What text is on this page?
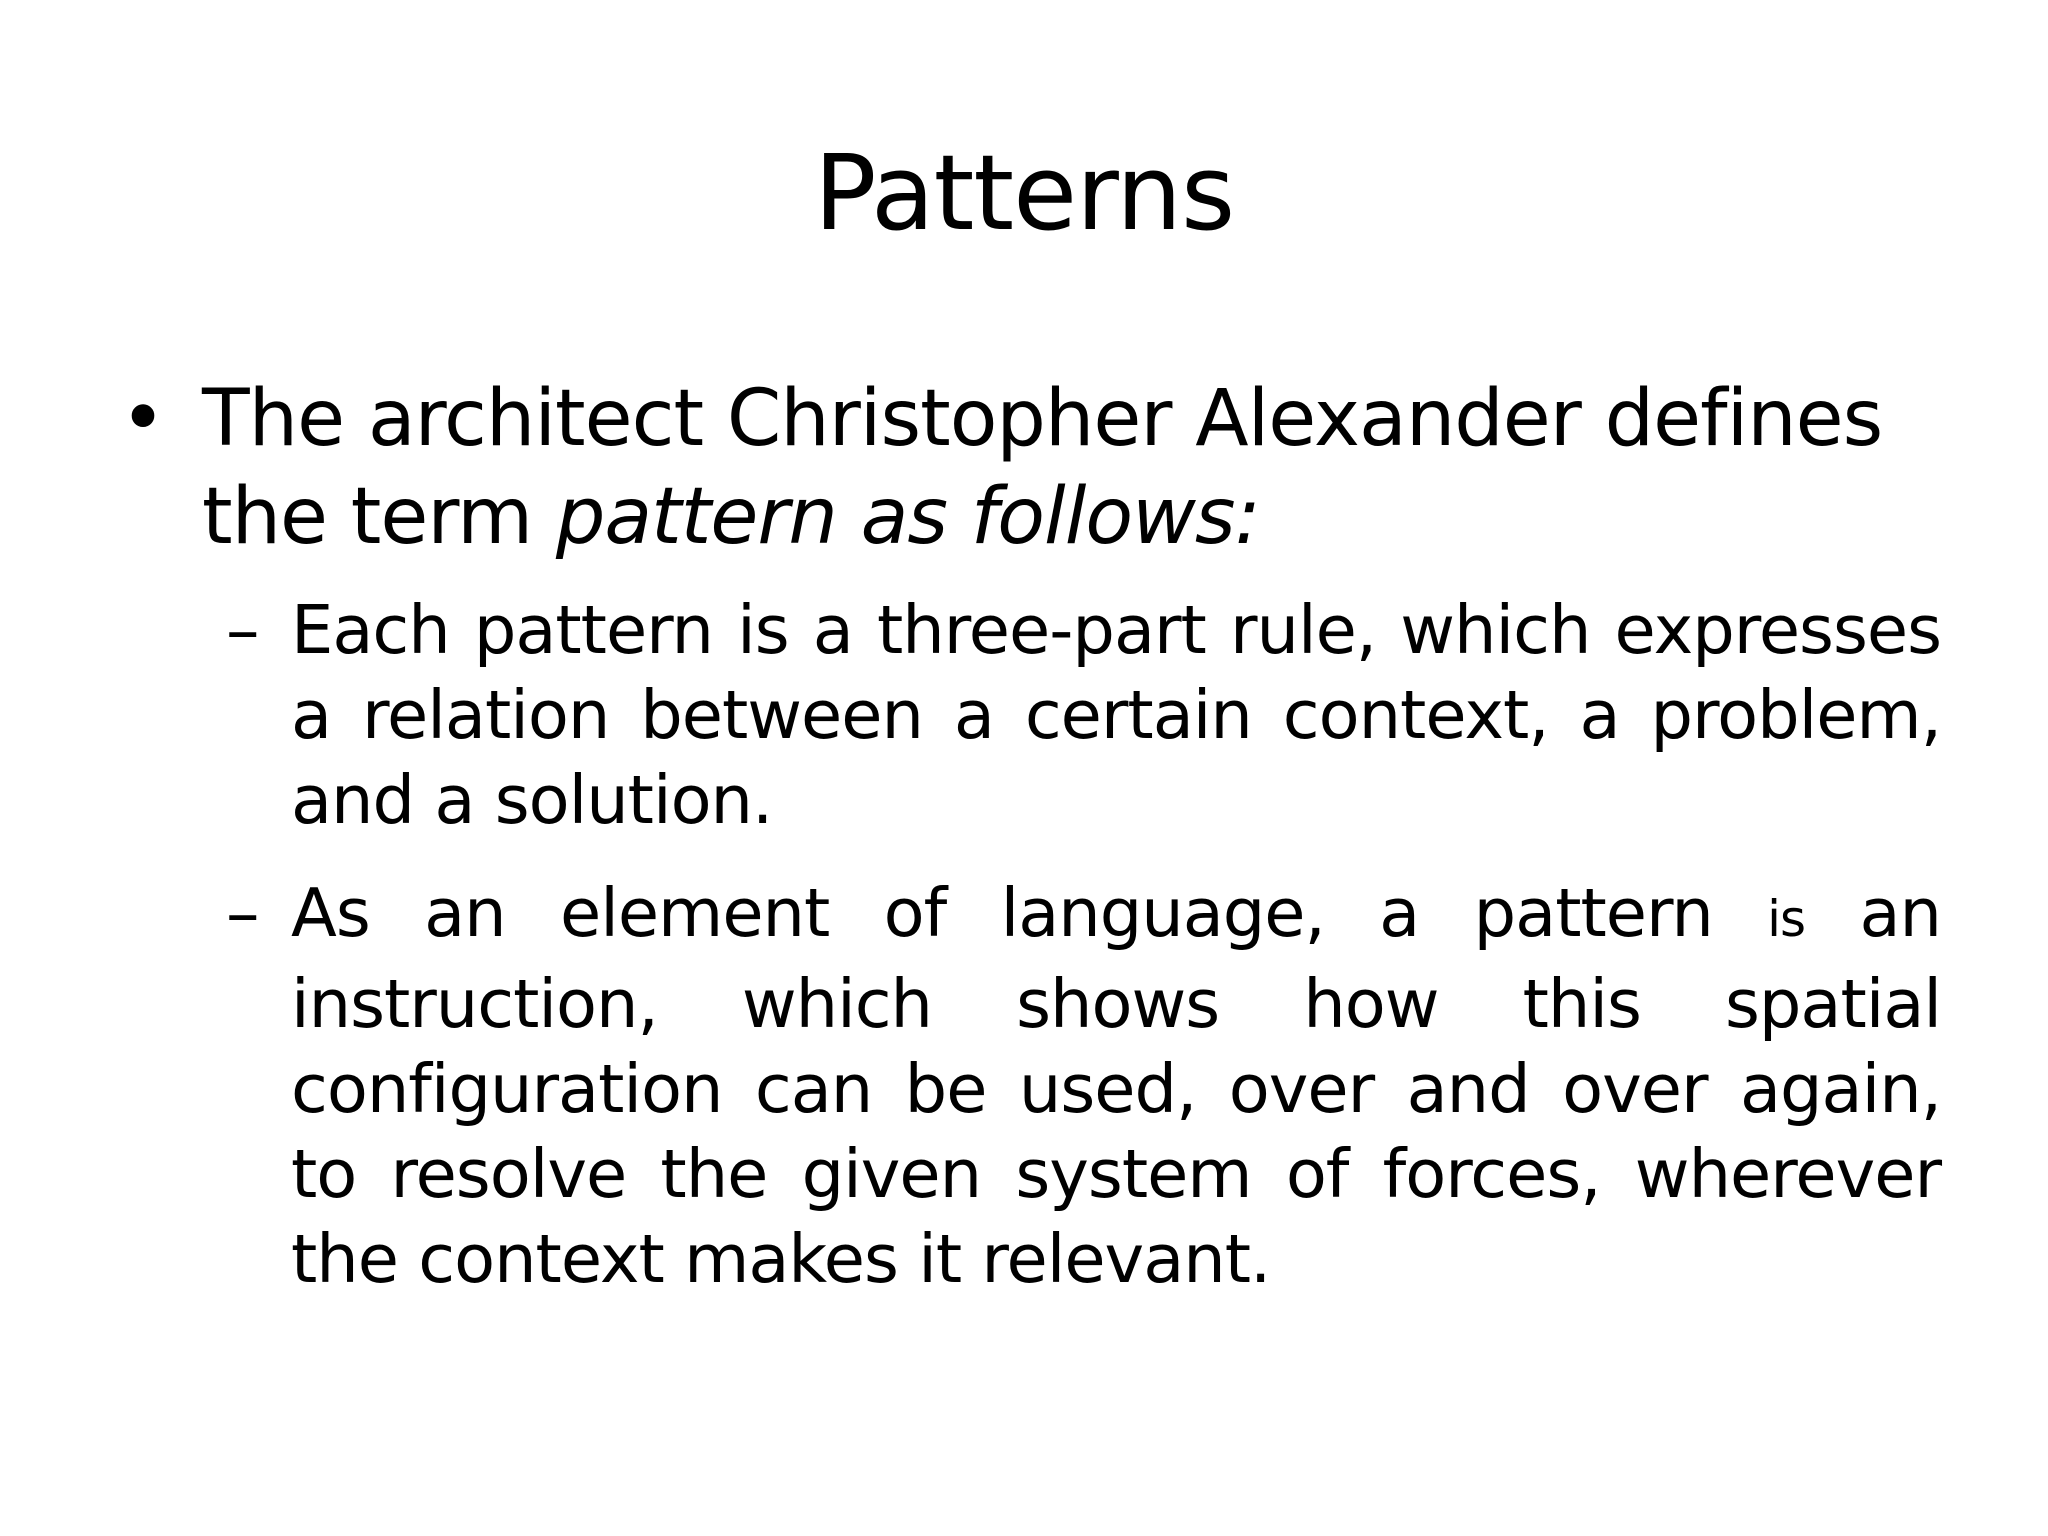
Patterns
• The architect Christopher Alexander defines the term pattern as follows:
– Each pattern is a three-part rule, which expresses a relation between a certain context, a problem, and a solution.
– As an element of language, a pattern is an instruction, which shows how this spatial configuration can be used, over and over again, to resolve the given system of forces, wherever the context makes it relevant.
